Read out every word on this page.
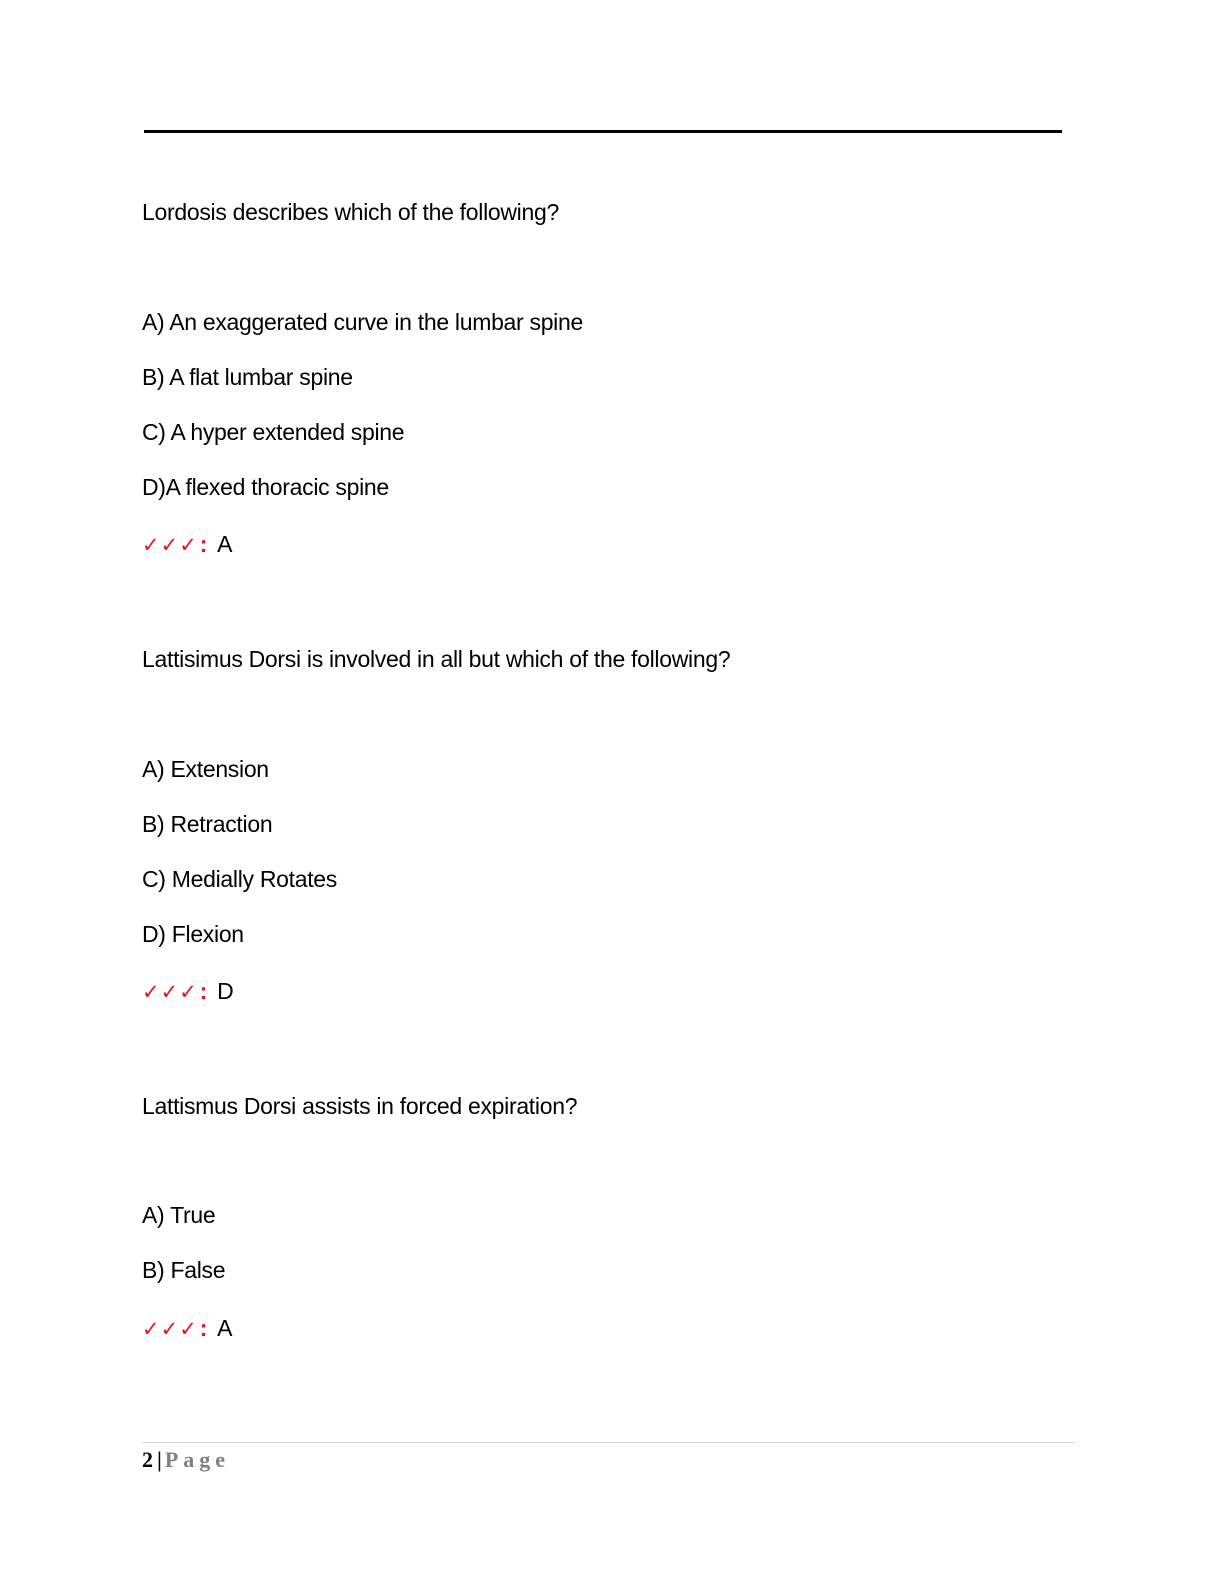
Lordosis describes which of the following?
A) An exaggerated curve in the lumbar spine
B) A flat lumbar spine
C) A hyper extended spine
D)A flexed thoracic spine
✓✓✓: A
Lattisimus Dorsi is involved in all but which of the following?
A) Extension
B) Retraction
C) Medially Rotates
D) Flexion
✓✓✓: D
Lattismus Dorsi assists in forced expiration?
A) True
B) False
✓✓✓: A
2 | Page
